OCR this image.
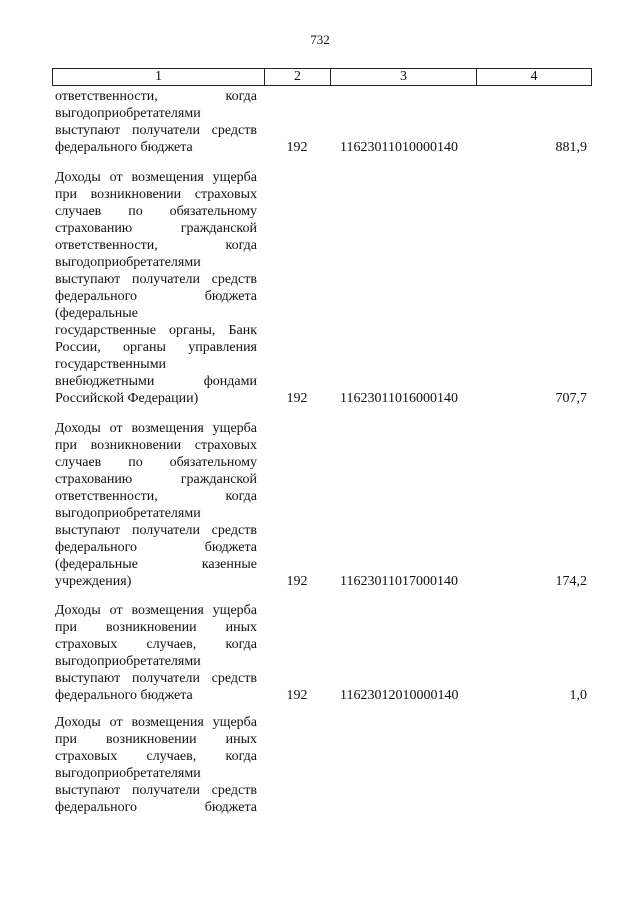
732
1	2	3	4
ответственности, когда
выгодоприобретателями
выступают получатели средств
федерального бюджета	192	11623011010000140	881,9
Доходы от возмещения ущерба
при возникновении страховых
случаев по обязательному
страхованию гражданской
ответственности, когда
выгодоприобретателями
выступают получатели средств
федерального бюджета
(федеральные
государственные органы, Банк
России, органы управления
государственными
внебюджетными фондами
Российской Федерации)	192	11623011016000140	707,7
Доходы от возмещения ущерба
при возникновении страховых
случаев по обязательному
страхованию гражданской
ответственности, когда
выгодоприобретателями
выступают получатели средств
федерального бюджета
(федеральные казенные
учреждения)	192	11623011017000140	174,2
Доходы от возмещения ущерба
при возникновении иных
страховых случаев, когда
выгодоприобретателями
выступают получатели средств
федерального бюджета	192	11623012010000140	1,0
Доходы от возмещения ущерба
при возникновении иных
страховых случаев, когда
выгодоприобретателями
выступают получатели средств
федерального бюджета
